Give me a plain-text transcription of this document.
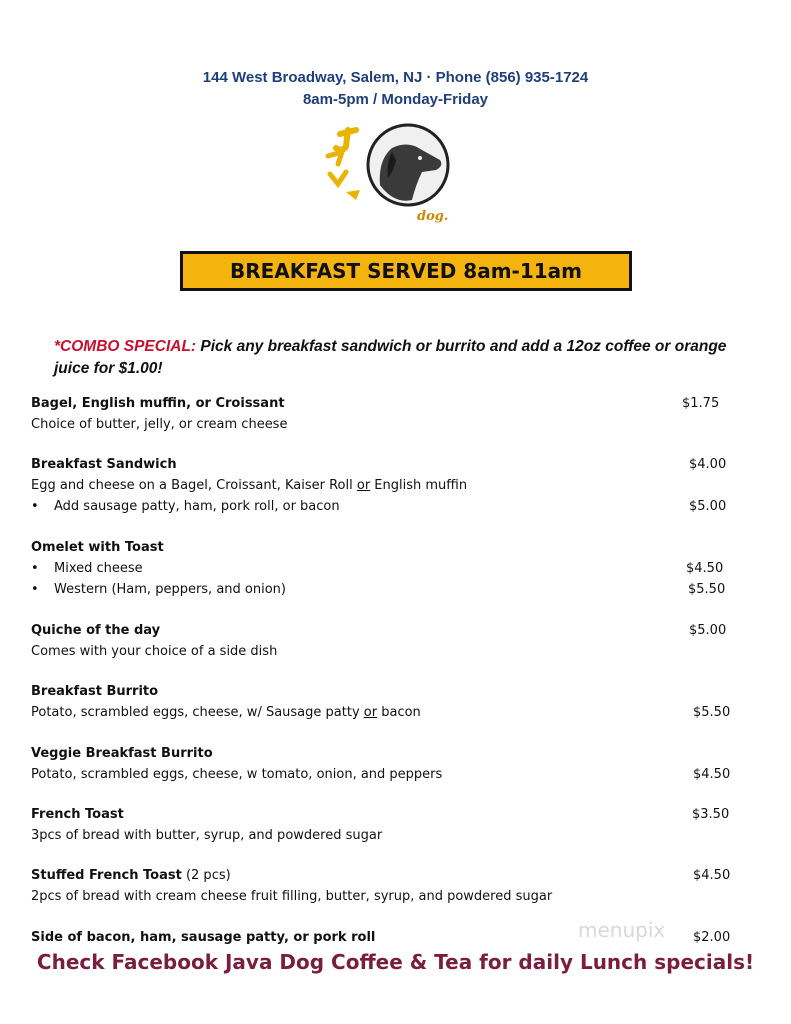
144 West Broadway, Salem, NJ · Phone (856) 935-1724
8am-5pm / Monday-Friday
dog.
BREAKFAST SERVED 8am-11am
*COMBO SPECIAL: Pick any breakfast sandwich or burrito and add a 12oz coffee or orange juice for $1.00!
Bagel, English muffin, or Croissant	$1.75
Choice of butter, jelly, or cream cheese
Breakfast Sandwich	$4.00
Egg and cheese on a Bagel, Croissant, Kaiser Roll or English muffin
• Add sausage patty, ham, pork roll, or bacon	$5.00
Omelet with Toast
• Mixed cheese	$4.50
• Western (Ham, peppers, and onion)	$5.50
Quiche of the day	$5.00
Comes with your choice of a side dish
Breakfast Burrito
Potato, scrambled eggs, cheese, w/ Sausage patty or bacon	$5.50
Veggie Breakfast Burrito
Potato, scrambled eggs, cheese, w tomato, onion, and peppers	$4.50
French Toast	$3.50
3pcs of bread with butter, syrup, and powdered sugar
Stuffed French Toast (2 pcs)	$4.50
2pcs of bread with cream cheese fruit filling, butter, syrup, and powdered sugar
Side of bacon, ham, sausage patty, or pork roll	$2.00
menupix
Check Facebook Java Dog Coffee & Tea for daily Lunch specials!
